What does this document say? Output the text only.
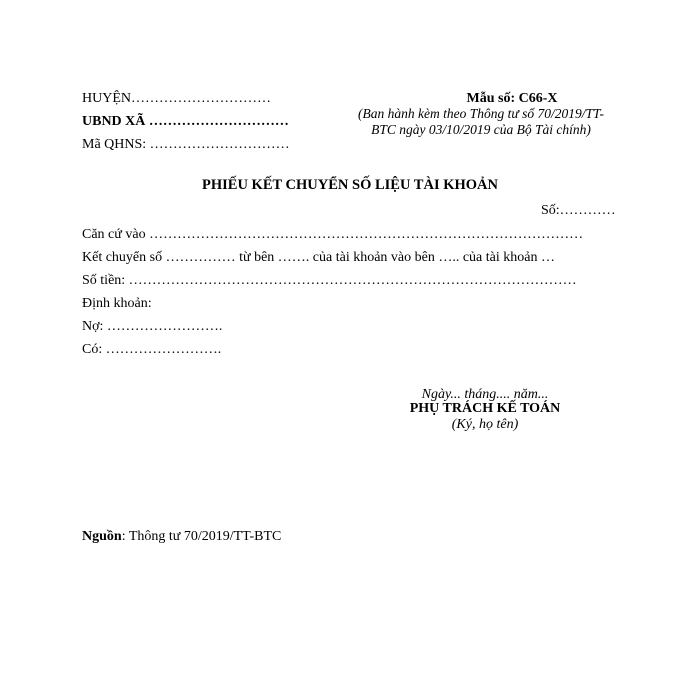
HUYỆN…………………………
UBND XÃ …………………………
Mã QHNS: …………………………
Mẫu số: C66-X
(Ban hành kèm theo Thông tư số 70/2019/TT-BTC ngày 03/10/2019 của Bộ Tài chính)
PHIẾU KẾT CHUYỂN SỐ LIỆU TÀI KHOẢN
Số:…………
Căn cứ vào …………………………………………………………………………………
Kết chuyển số …………… từ bên ……. của tài khoản vào bên ….. của tài khoản …
Số tiền: ……………………………………………………………………………………
Định khoản:
Nợ: …………………….
Có: …………………….
Ngày... tháng.... năm...
PHỤ TRÁCH KẾ TOÁN
(Ký, họ tên)
Nguồn: Thông tư 70/2019/TT-BTC
